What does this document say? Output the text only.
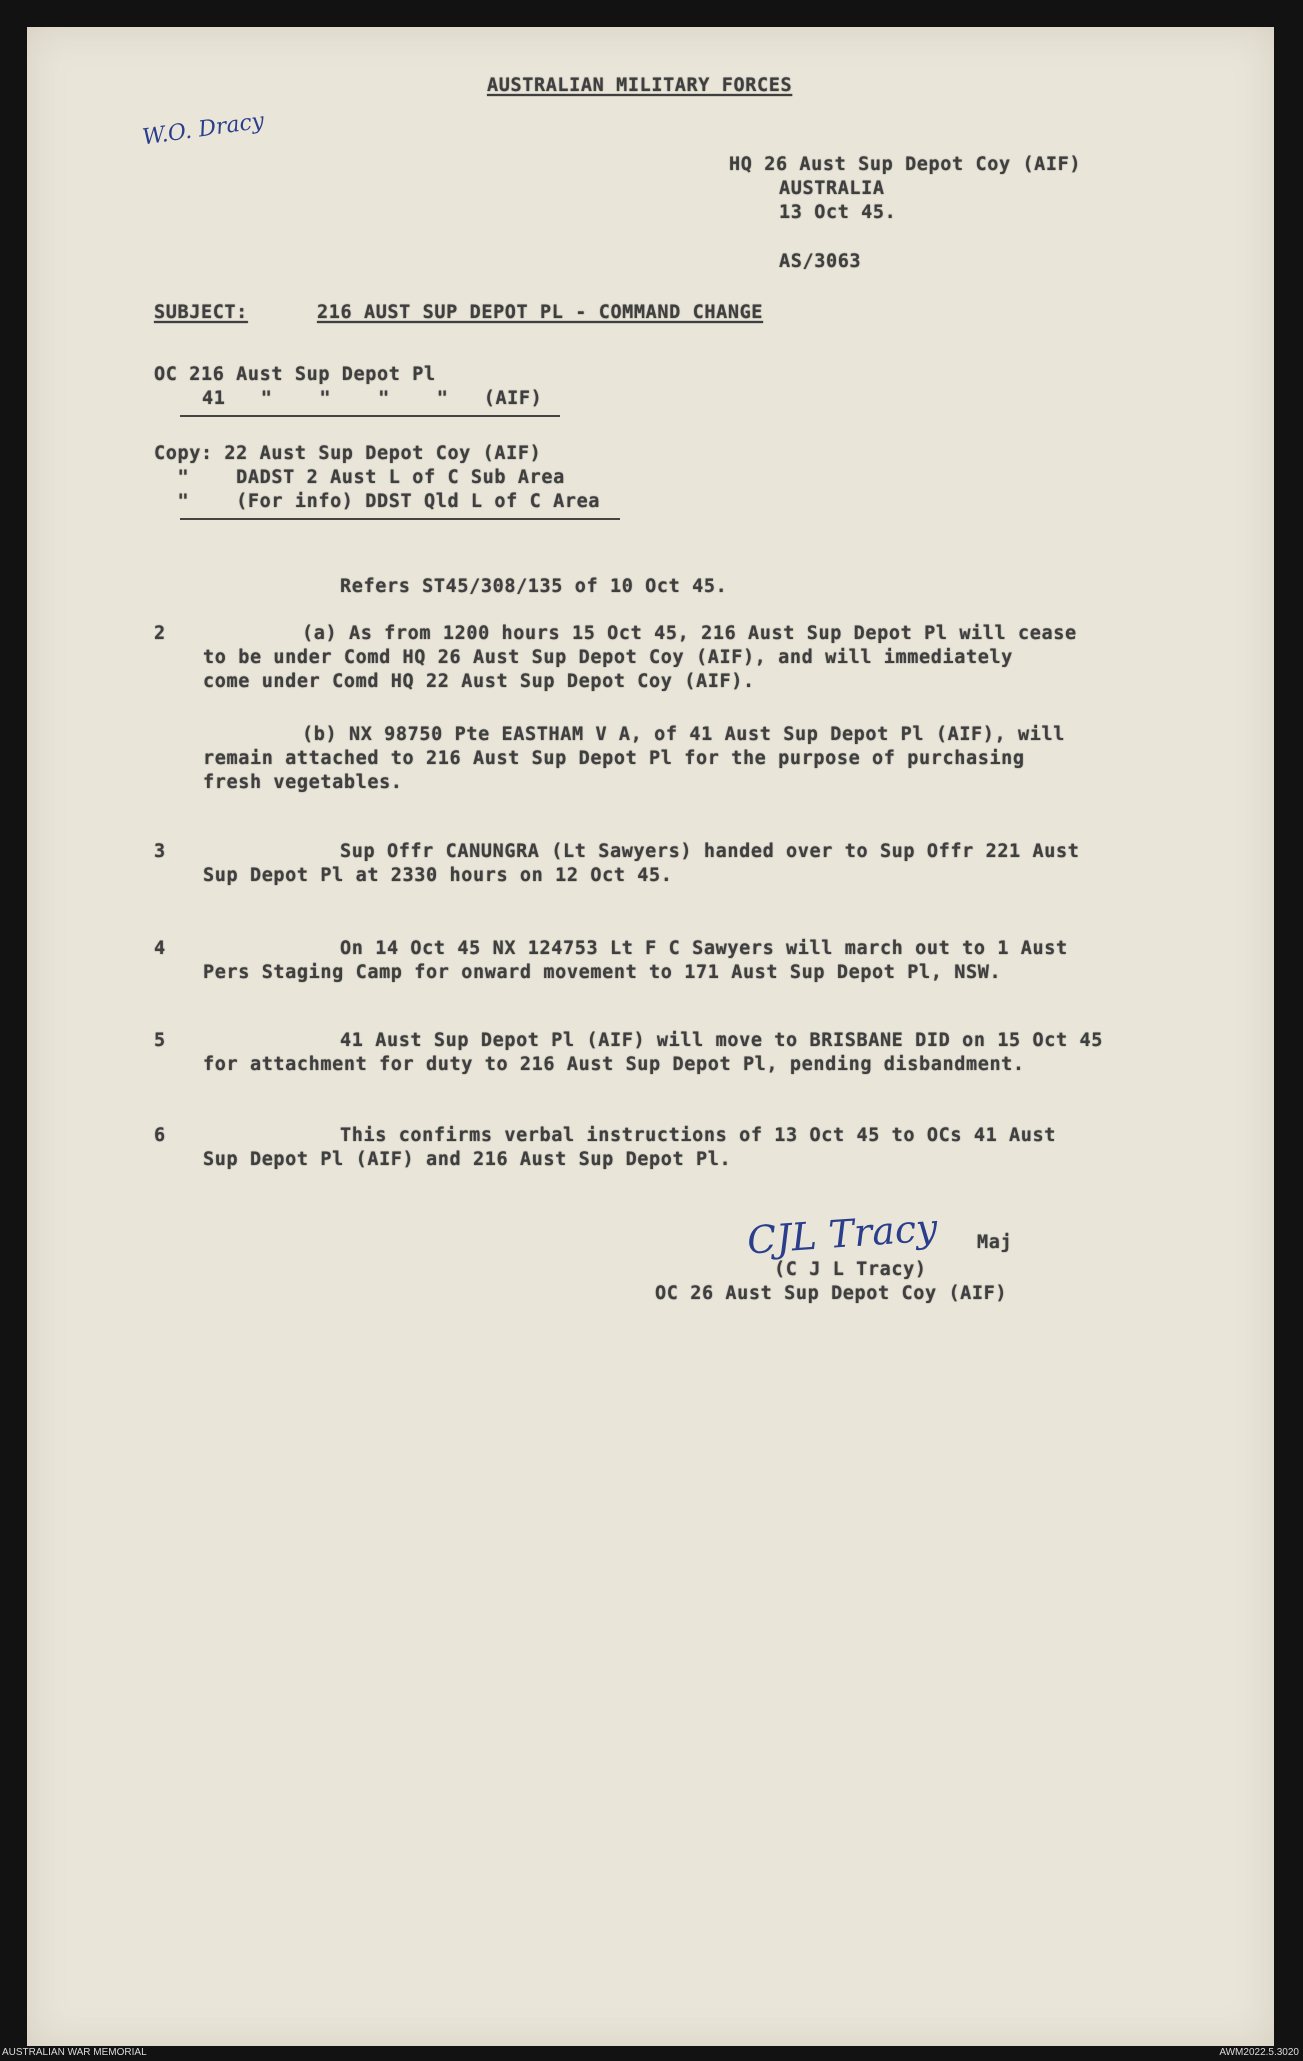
AUSTRALIAN MILITARY FORCES
W.O. Dracy
HQ 26 Aust Sup Depot Coy (AIF)
AUSTRALIA
13 Oct 45.
AS/3063
SUBJECT:	216 AUST SUP DEPOT PL - COMMAND CHANGE
OC 216 Aust Sup Depot Pl
41   "    "    "    "   (AIF)
Copy: 22 Aust Sup Depot Coy (AIF)
"    DADST 2 Aust L of C Sub Area
"    (For info) DDST Qld L of C Area
Refers ST45/308/135 of 10 Oct 45.
2	(a) As from 1200 hours 15 Oct 45, 216 Aust Sup Depot Pl will cease
to be under Comd HQ 26 Aust Sup Depot Coy (AIF), and will immediately
come under Comd HQ 22 Aust Sup Depot Coy (AIF).
(b) NX 98750 Pte EASTHAM V A, of 41 Aust Sup Depot Pl (AIF), will
remain attached to 216 Aust Sup Depot Pl for the purpose of purchasing
fresh vegetables.
3	Sup Offr CANUNGRA (Lt Sawyers) handed over to Sup Offr 221 Aust
Sup Depot Pl at 2330 hours on 12 Oct 45.
4	On 14 Oct 45 NX 124753 Lt F C Sawyers will march out to 1 Aust
Pers Staging Camp for onward movement to 171 Aust Sup Depot Pl, NSW.
5	41 Aust Sup Depot Pl (AIF) will move to BRISBANE DID on 15 Oct 45
for attachment for duty to 216 Aust Sup Depot Pl, pending disbandment.
6	This confirms verbal instructions of 13 Oct 45 to OCs 41 Aust
Sup Depot Pl (AIF) and 216 Aust Sup Depot Pl.
CJL Tracy Maj
(C J L Tracy)
OC 26 Aust Sup Depot Coy (AIF)
AUSTRALIAN WAR MEMORIAL	AWM2022.5.3020
